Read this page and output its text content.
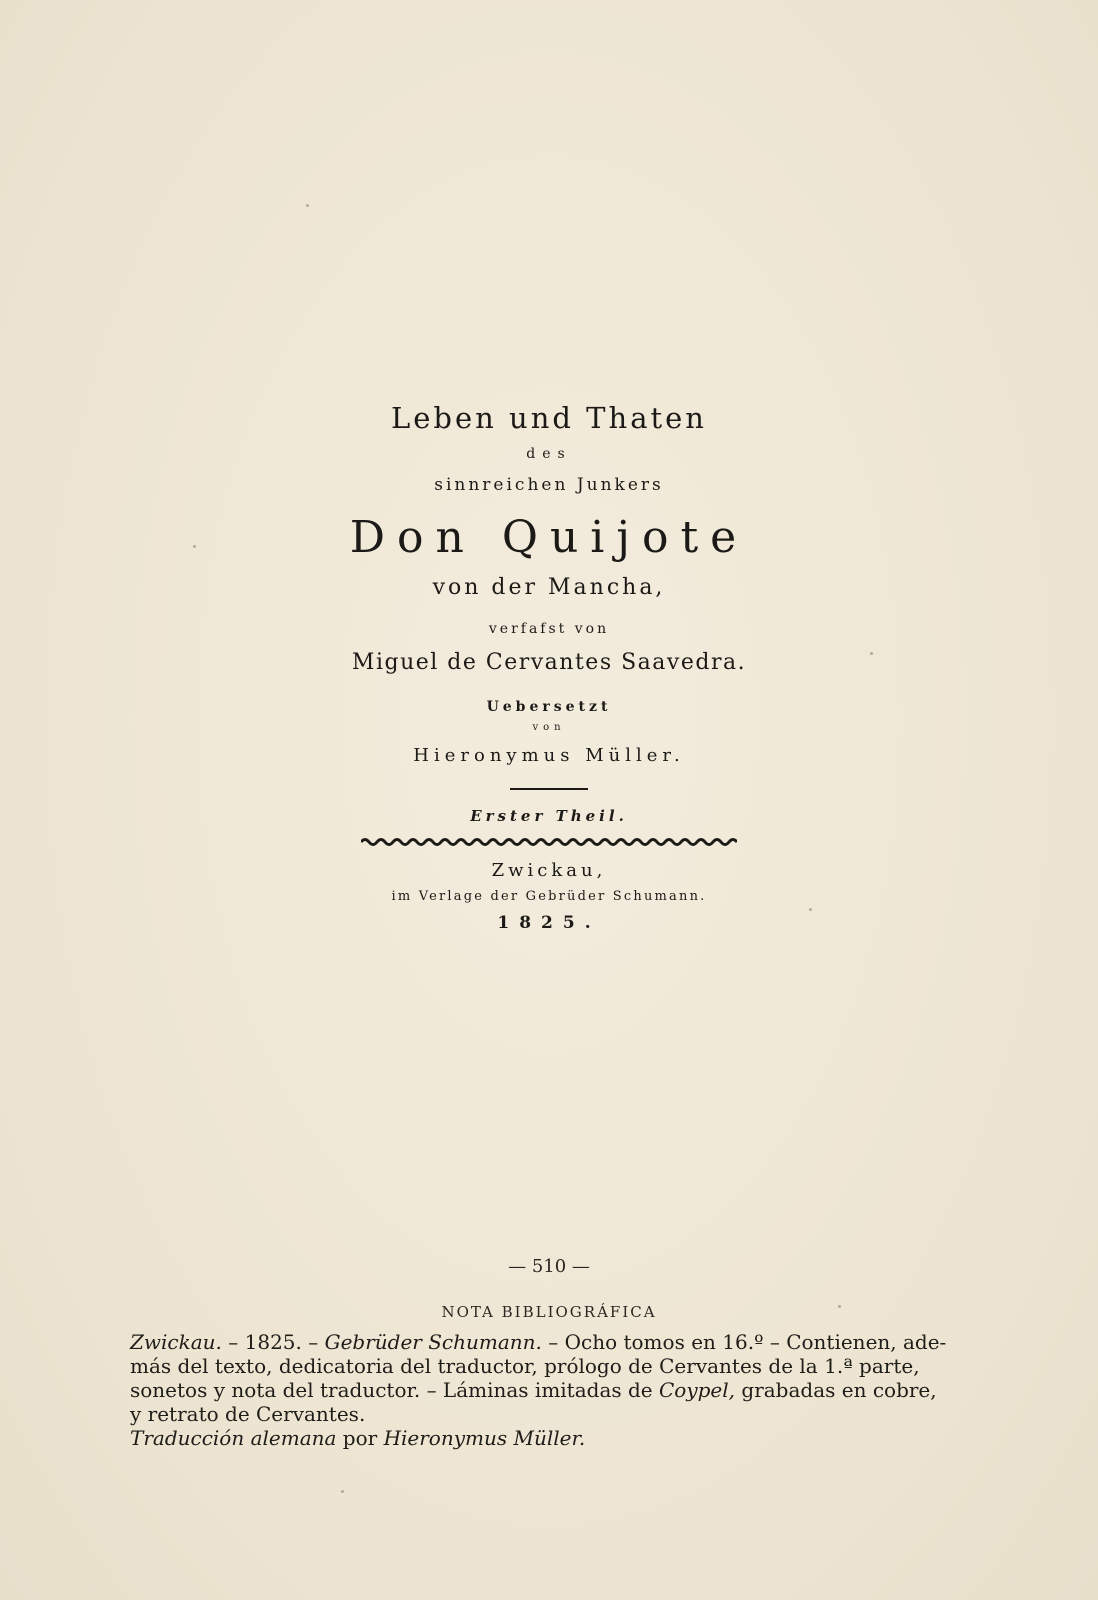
Leben und Thaten
des
sinnreichen Junkers
Don Quijote
von der Mancha,
verfafst von
Miguel de Cervantes Saavedra.
Uebersetzt
von
Hieronymus Müller.
Erster Theil.
Zwickau,
im Verlage der Gebrüder Schumann.
1825.
— 510 —
NOTA BIBLIOGRÁFICA
Zwickau. – 1825. – Gebrüder Schumann. – Ocho tomos en 16.º – Contienen, ade-
más del texto, dedicatoria del traductor, prólogo de Cervantes de la 1.ª parte,
sonetos y nota del traductor. – Láminas imitadas de Coypel, grabadas en cobre,
y retrato de Cervantes.
Traducción alemana por Hieronymus Müller.
